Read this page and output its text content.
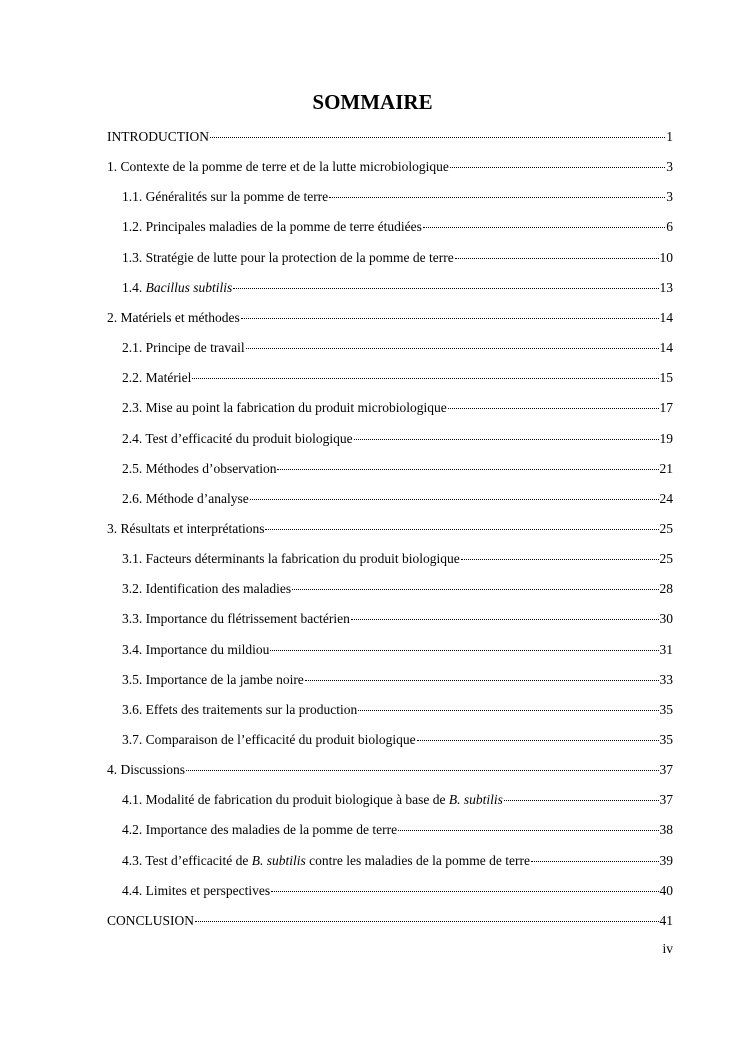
SOMMAIRE
INTRODUCTION	1
1. Contexte de la pomme de terre et de la lutte microbiologique	3
1.1. Généralités sur la pomme de terre	3
1.2. Principales maladies de la pomme de terre étudiées	6
1.3. Stratégie de lutte pour la protection de la pomme de terre	10
1.4. Bacillus subtilis	13
2. Matériels et méthodes	14
2.1. Principe de travail	14
2.2. Matériel	15
2.3. Mise au point la fabrication du produit microbiologique	17
2.4. Test d’efficacité du produit biologique	19
2.5. Méthodes d’observation	21
2.6. Méthode d’analyse	24
3. Résultats et interprétations	25
3.1. Facteurs déterminants la fabrication du produit biologique	25
3.2. Identification des maladies	28
3.3. Importance du flétrissement bactérien	30
3.4. Importance du mildiou	31
3.5. Importance de la jambe noire	33
3.6. Effets des traitements sur la production	35
3.7. Comparaison de l’efficacité du produit biologique	35
4. Discussions	37
4.1. Modalité de fabrication du produit biologique à base de B. subtilis	37
4.2. Importance des maladies de la pomme de terre	38
4.3. Test d’efficacité de B. subtilis contre les maladies de la pomme de terre	39
4.4. Limites et perspectives	40
CONCLUSION	41
iv
